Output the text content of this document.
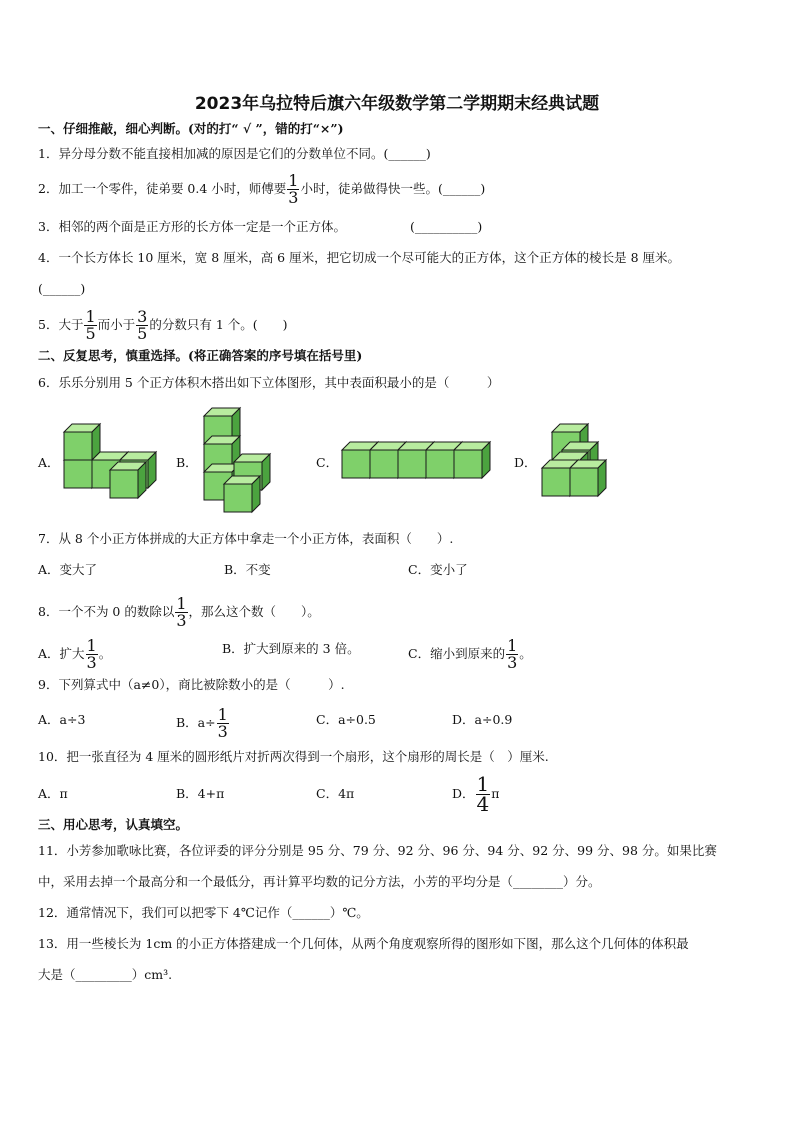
2023年乌拉特后旗六年级数学第二学期期末经典试题
一、仔细推敲，细心判断。(对的打“ √ ”，错的打“×”)
1．异分母分数不能直接相加减的原因是它们的分数单位不同。(______)
2．加工一个零件，徒弟要 0.4 小时，师傅要 $\frac{1}{3}$ 小时，徒弟做得快一些。(______)
3．相邻的两个面是正方形的长方体一定是一个正方体。	(__________)
4．一个长方体长 10 厘米，宽 8 厘米，高 6 厘米，把它切成一个尽可能大的正方体，这个正方体的棱长是 8 厘米。
(______)
5．大于 $\frac{1}{5}$ 而小于 $\frac{3}{5}$ 的分数只有 1 个。(　　)
二、反复思考，慎重选择。(将正确答案的序号填在括号里)
6．乐乐分别用 5 个正方体积木搭出如下立体图形，其中表面积最小的是（　　　）
A．	B．	C．	D．
7．从 8 个小正方体拼成的大正方体中拿走一个小正方体，表面积（　　）.
A．变大了	B．不变	C．变小了
8．一个不为 0 的数除以 $\frac{1}{3}$ ，那么这个数（　　）。
A．扩大 $\frac{1}{3}$ 。	B．扩大到原来的 3 倍。	C．缩小到原来的 $\frac{1}{3}$ 。
9．下列算式中（a≠0），商比被除数小的是（　　　）.
A．a÷3	B．$a\div \frac{1}{3}$	C．a÷0.5	D．a÷0.9
10．把一张直径为 4 厘米的圆形纸片对折两次得到一个扇形，这个扇形的周长是（　）厘米.
A．π	B．4+π	C．4π	D． $\frac{1}{4}$ π
三、用心思考，认真填空。
11．小芳参加歌咏比赛，各位评委的评分分别是 95 分、79 分、92 分、96 分、94 分、92 分、99 分、98 分。如果比赛
中，采用去掉一个最高分和一个最低分，再计算平均数的记分方法，小芳的平均分是（________）分。
12．通常情况下，我们可以把零下 4℃记作（______）℃。
13．用一些棱长为 1cm 的小正方体搭建成一个几何体，从两个角度观察所得的图形如下图，那么这个几何体的体积最
大是（_________）cm³.
